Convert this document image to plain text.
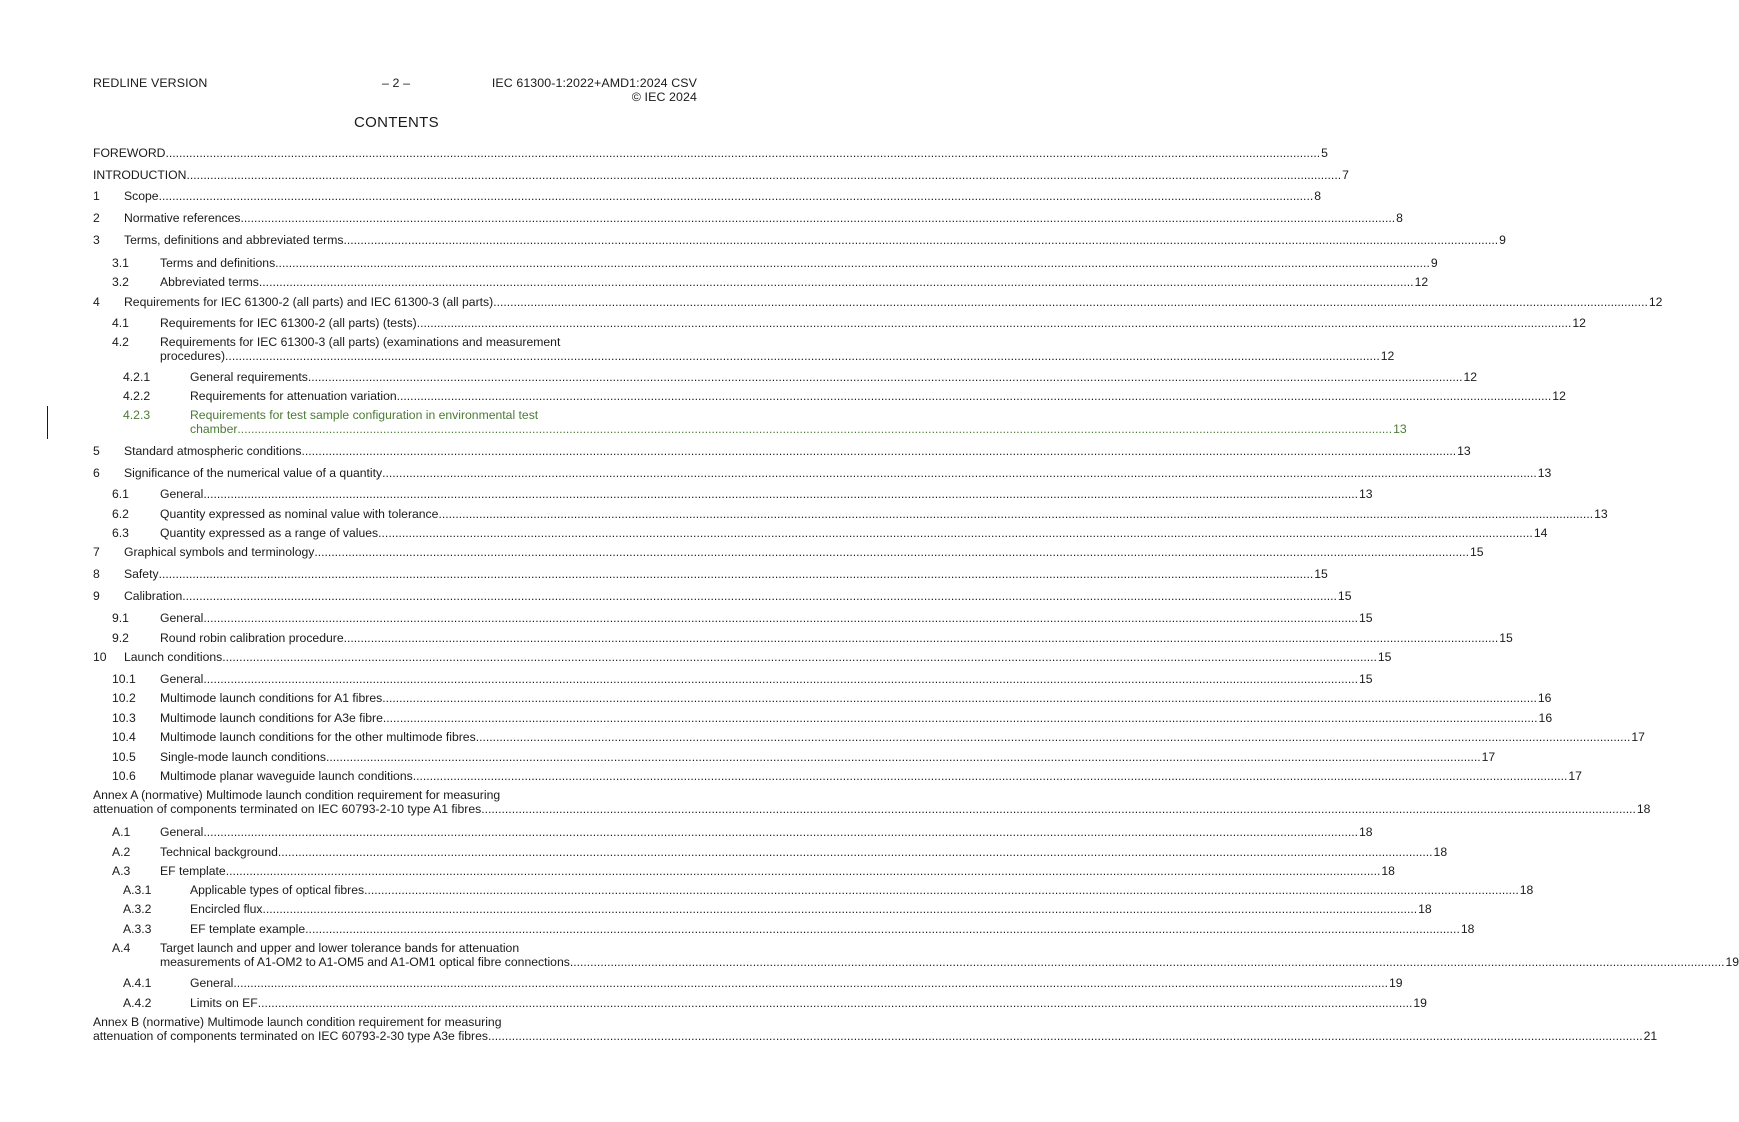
REDLINE VERSION	– 2 –	IEC 61300-1:2022+AMD1:2024 CSV
© IEC 2024
CONTENTS
FOREWORD .....	5
INTRODUCTION .....	7
1 Scope .....	8
2 Normative references .....	8
3 Terms, definitions and abbreviated terms .....	9
3.1	Terms and definitions .....	9
3.2	Abbreviated terms .....	12
4 Requirements for IEC 61300-2 (all parts) and IEC 61300-3 (all parts) .....	12
4.1	Requirements for IEC 61300-2 (all parts) (tests) .....	12
4.2	Requirements for IEC 61300-3 (all parts) (examinations and measurement
procedures) .....	12
4.2.1	General requirements .....	12
4.2.2	Requirements for attenuation variation .....	12
4.2.3	Requirements for test sample configuration in environmental test
chamber .....	13
5 Standard atmospheric conditions .....	13
6 Significance of the numerical value of a quantity .....	13
6.1	General .....	13
6.2	Quantity expressed as nominal value with tolerance .....	13
6.3	Quantity expressed as a range of values .....	14
7 Graphical symbols and terminology .....	15
8 Safety .....	15
9 Calibration .....	15
9.1	General .....	15
9.2	Round robin calibration procedure .....	15
10 Launch conditions .....	15
10.1 General .....	15
10.2 Multimode launch conditions for A1 fibres .....	16
10.3 Multimode launch conditions for A3e fibre .....	16
10.4 Multimode launch conditions for the other multimode fibres .....	17
10.5 Single-mode launch conditions .....	17
10.6 Multimode planar waveguide launch conditions .....	17
Annex A (normative) Multimode launch condition requirement for measuring
attenuation of components terminated on IEC 60793-2-10 type A1 fibres .....	18
A.1 General .....	18
A.2 Technical background .....	18
A.3 EF template .....	18
A.3.1	Applicable types of optical fibres .....	18
A.3.2	Encircled flux .....	18
A.3.3	EF template example .....	18
A.4 Target launch and upper and lower tolerance bands for attenuation
measurements of A1-OM2 to A1-OM5 and A1-OM1 optical fibre connections .....	19
A.4.1	General .....	19
A.4.2	Limits on EF .....	19
Annex B (normative) Multimode launch condition requirement for measuring
attenuation of components terminated on IEC 60793-2-30 type A3e fibres .....	21
